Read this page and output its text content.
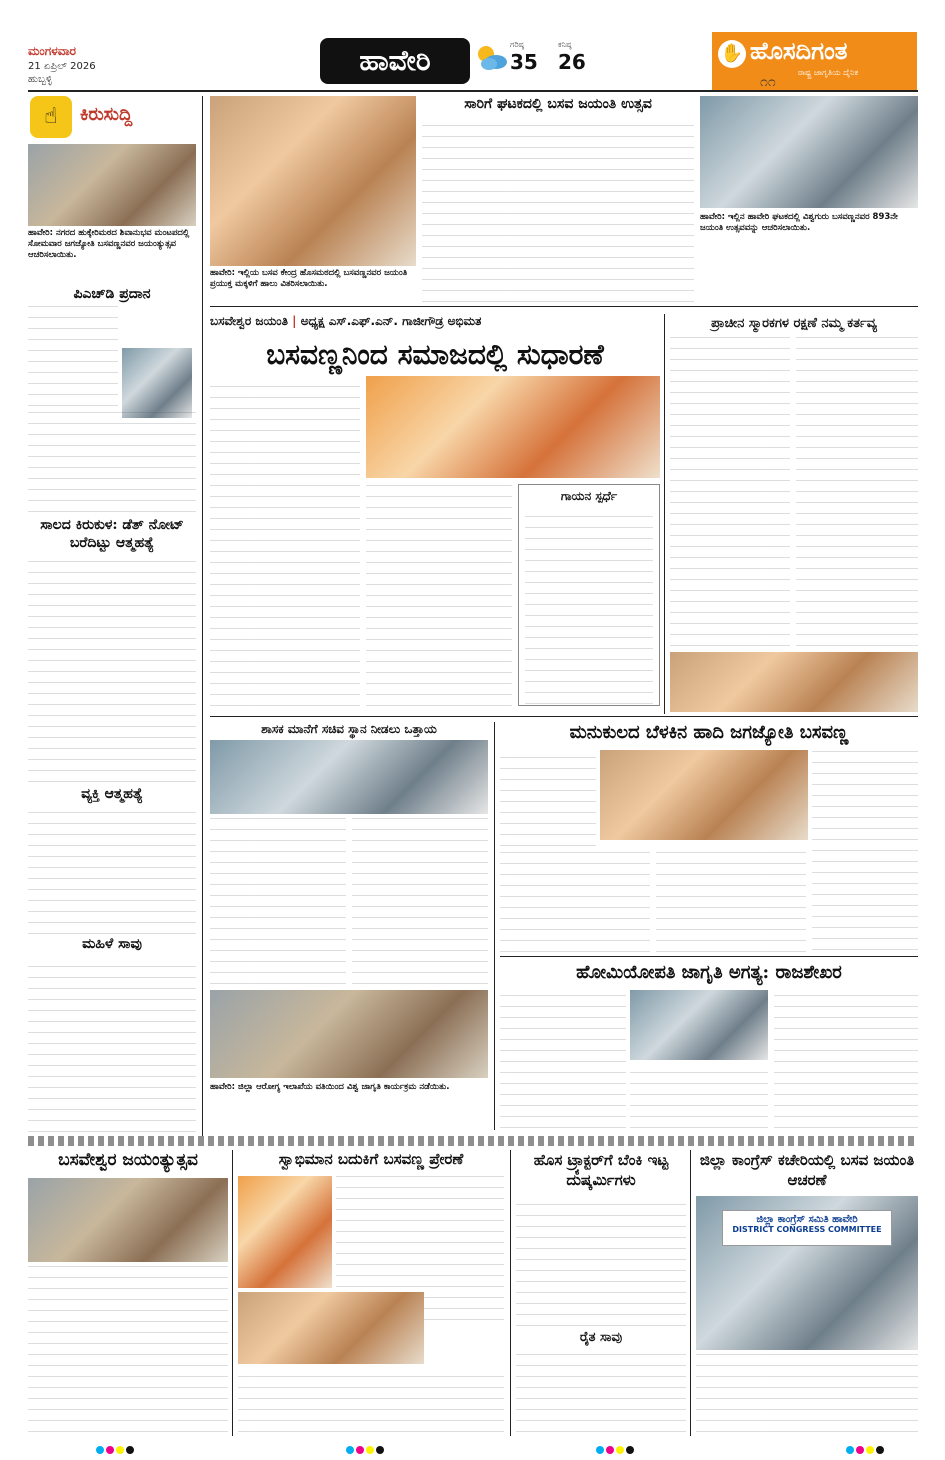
ಮಂಗಳವಾರ
21 ಏಪ್ರಿಲ್ 2026
ಹುಬ್ಬಳ್ಳಿ
ಹಾವೇರಿ	ಗರಿಷ್ಠ
35
ಕನಿಷ್ಠ
26	✋ ಹೊಸದಿಗಂತ
ರಾಷ್ಟ್ರ ಜಾಗೃತಿಯ ದೈನಿಕ
೧೧
☝	ಕಿರುಸುದ್ದಿ
ಹಾವೇರಿ: ನಗರದ ಹುಕ್ಕೇರಿಮಠದ ಶಿವಾನುಭವ ಮಂಟಪದಲ್ಲಿ ಸೋಮವಾರ ಜಗಜ್ಯೋತಿ ಬಸವಣ್ಣನವರ ಜಯಂತ್ಯುತ್ಸವ ಆಚರಿಸಲಾಯಿತು.
ಪಿಎಚ್‌ಡಿ ಪ್ರದಾನ
ಸಾಲದ ಕಿರುಕುಳ: ಡೆತ್ ನೋಟ್ ಬರೆದಿಟ್ಟು ಆತ್ಮಹತ್ಯೆ
ವ್ಯಕ್ತಿ ಆತ್ಮಹತ್ಯೆ
ಮಹಿಳೆ ಸಾವು
ಹಾವೇರಿ: ಇಲ್ಲಿಯ ಬಸವ ಕೇಂದ್ರ ಹೊಸಮಠದಲ್ಲಿ ಬಸವಣ್ಣನವರ ಜಯಂತಿ ಪ್ರಯುಕ್ತ ಮಕ್ಕಳಿಗೆ ಹಾಲು ವಿತರಿಸಲಾಯಿತು.
ಸಾರಿಗೆ ಘಟಕದಲ್ಲಿ ಬಸವ ಜಯಂತಿ ಉತ್ಸವ
ಹಾವೇರಿ: ಇಲ್ಲಿನ ಹಾವೇರಿ ಘಟಕದಲ್ಲಿ ವಿಶ್ವಗುರು ಬಸವಣ್ಣನವರ 893ನೇ ಜಯಂತಿ ಉತ್ಸವವನ್ನು ಆಚರಿಸಲಾಯಿತು.
ಬಸವೇಶ್ವರ ಜಯಂತಿ | ಅಧ್ಯಕ್ಷ ಎಸ್.ಎಫ್.ಎನ್. ಗಾಜೀಗೌಡ್ರ ಅಭಿಮತ
ಬಸವಣ್ಣನಿಂದ ಸಮಾಜದಲ್ಲಿ ಸುಧಾರಣೆ
ಗಾಯನ ಸ್ಪರ್ಧೆ
ಪ್ರಾಚೀನ ಸ್ಮಾರಕಗಳ ರಕ್ಷಣೆ ನಮ್ಮ ಕರ್ತವ್ಯ
ಶಾಸಕ ಮಾನೆಗೆ ಸಚಿವ ಸ್ಥಾನ ನೀಡಲು ಒತ್ತಾಯ
ಹಾವೇರಿ: ಜಿಲ್ಲಾ ಆರೋಗ್ಯ ಇಲಾಖೆಯ ವತಿಯಿಂದ ವಿಶ್ವ ಜಾಗೃತಿ ಕಾರ್ಯಕ್ರಮ ನಡೆಯಿತು.
ಮನುಕುಲದ ಬೆಳಕಿನ ಹಾದಿ ಜಗಜ್ಯೋತಿ ಬಸವಣ್ಣ
ಹೋಮಿಯೋಪತಿ ಜಾಗೃತಿ ಅಗತ್ಯ: ರಾಜಶೇಖರ
ಬಸವೇಶ್ವರ ಜಯಂತ್ಯುತ್ಸವ	ಸ್ವಾಭಿಮಾನ ಬದುಕಿಗೆ ಬಸವಣ್ಣ ಪ್ರೇರಣೆ	ಹೊಸ ಟ್ರ್ಯಾಕ್ಟರ್‌ಗೆ ಬೆಂಕಿ ಇಟ್ಟ ದುಷ್ಕರ್ಮಿಗಳು
ರೈತ ಸಾವು
ಜಿಲ್ಲಾ ಕಾಂಗ್ರೆಸ್ ಕಚೇರಿಯಲ್ಲಿ ಬಸವ ಜಯಂತಿ ಆಚರಣೆ
ಜಿಲ್ಲಾ ಕಾಂಗ್ರೆಸ್ ಸಮಿತಿ ಹಾವೇರಿ
DISTRICT CONGRESS COMMITTEE
